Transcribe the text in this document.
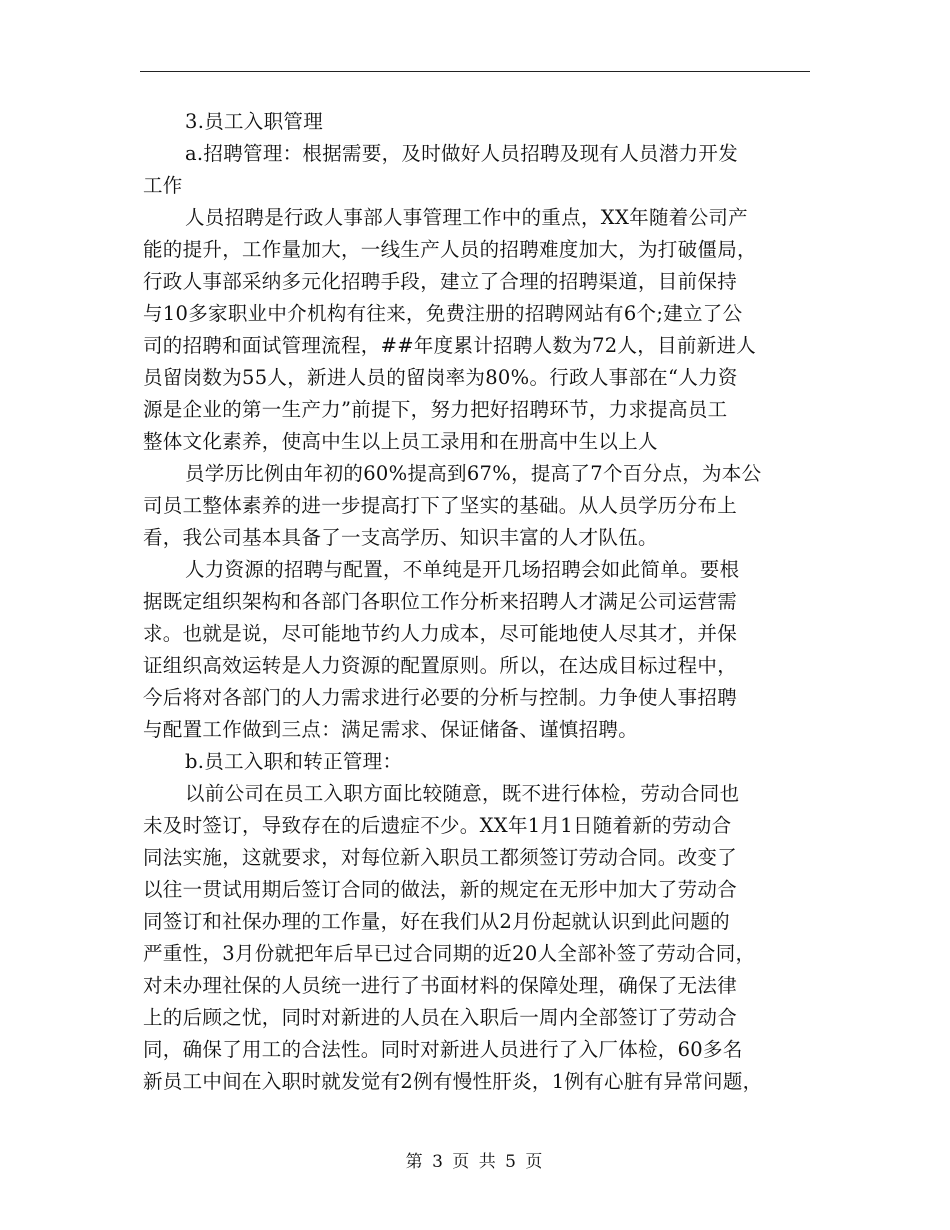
3.员工入职管理
a.招聘管理：根据需要，及时做好人员招聘及现有人员潜力开发
工作
人员招聘是行政人事部人事管理工作中的重点，XX年随着公司产
能的提升，工作量加大，一线生产人员的招聘难度加大，为打破僵局，
行政人事部采纳多元化招聘手段，建立了合理的招聘渠道，目前保持
与10多家职业中介机构有往来，免费注册的招聘网站有6个;建立了公
司的招聘和面试管理流程，##年度累计招聘人数为72人，目前新进人
员留岗数为55人，新进人员的留岗率为80%。行政人事部在“人力资
源是企业的第一生产力”前提下，努力把好招聘环节，力求提高员工
整体文化素养，使高中生以上员工录用和在册高中生以上人
员学历比例由年初的60%提高到67%，提高了7个百分点，为本公
司员工整体素养的进一步提高打下了坚实的基础。从人员学历分布上
看，我公司基本具备了一支高学历、知识丰富的人才队伍。
人力资源的招聘与配置，不单纯是开几场招聘会如此简单。要根
据既定组织架构和各部门各职位工作分析来招聘人才满足公司运营需
求。也就是说，尽可能地节约人力成本，尽可能地使人尽其才，并保
证组织高效运转是人力资源的配置原则。所以，在达成目标过程中，
今后将对各部门的人力需求进行必要的分析与控制。力争使人事招聘
与配置工作做到三点：满足需求、保证储备、谨慎招聘。
b.员工入职和转正管理：
以前公司在员工入职方面比较随意，既不进行体检，劳动合同也
未及时签订，导致存在的后遗症不少。XX年1月1日随着新的劳动合
同法实施，这就要求，对每位新入职员工都须签订劳动合同。改变了
以往一贯试用期后签订合同的做法，新的规定在无形中加大了劳动合
同签订和社保办理的工作量，好在我们从2月份起就认识到此问题的
严重性，3月份就把年后早已过合同期的近20人全部补签了劳动合同，
对未办理社保的人员统一进行了书面材料的保障处理，确保了无法律
上的后顾之忧，同时对新进的人员在入职后一周内全部签订了劳动合
同，确保了用工的合法性。同时对新进人员进行了入厂体检，60多名
新员工中间在入职时就发觉有2例有慢性肝炎，1例有心脏有异常问题，
第 3 页 共 5 页
